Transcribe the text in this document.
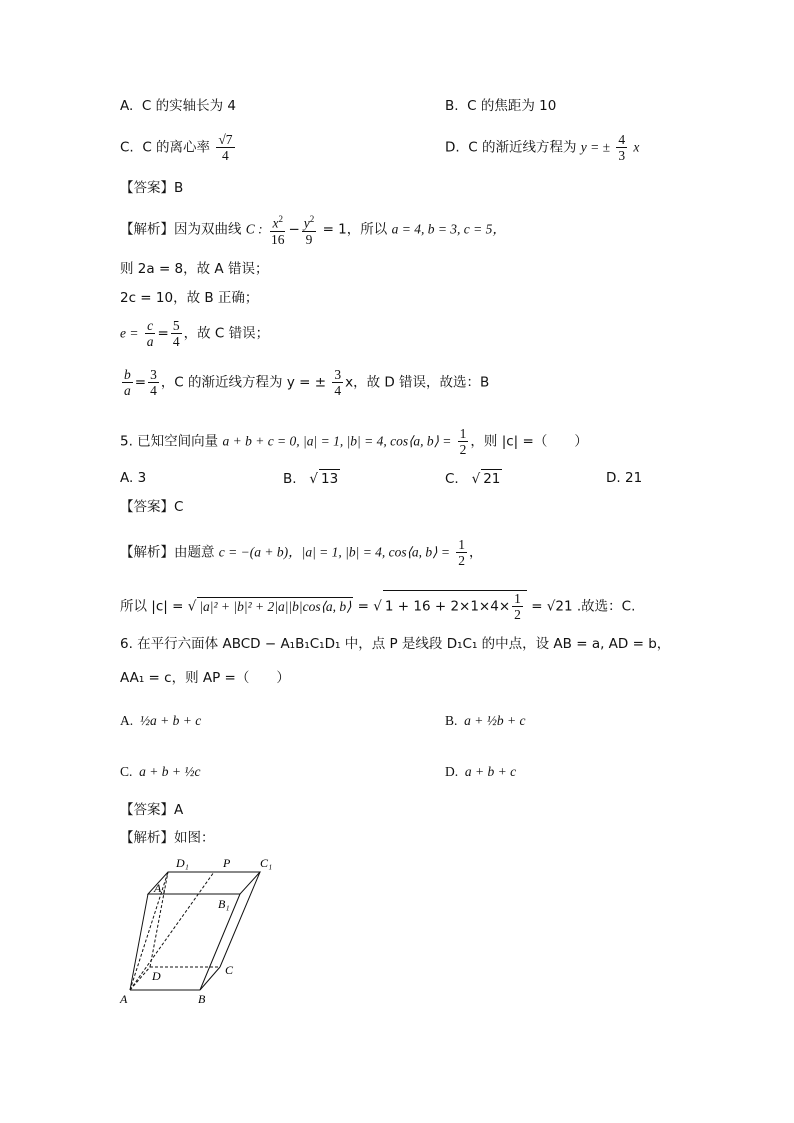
A. C 的实轴长为 4	B. C 的焦距为 10
C. C 的离心率 $\frac{√7}{4}$	D. C 的渐近线方程为 y = ± $\frac{4}{3}$ x
【答案】B
【解析】因为双曲线 C : $\frac{x^2}{16} - \frac{y^2}{9} = 1$，所以 a = 4, b = 3, c = 5，
则 2a = 8，故 A 错误；
2c = 10，故 B 正确；
$e = \frac{c}{a} = \frac{5}{4}$ ，故 C 错误；
$\frac{b}{a} = \frac{3}{4}$ ，C 的渐近线方程为 y = ± $\frac{3}{4}$ x，故 D 错误，故选：B
5. 已知空间向量 a + b + c = 0, |a| = 1, |b| = 4, cos⟨a, b⟩ = $\frac{1}{2}$ ，则 |c| =（　　）
A. 3	B.   √ 13	C.   √ 21	D. 21
【答案】C
【解析】由题意 c = −(a + b)，|a| = 1, |b| = 4, cos⟨a, b⟩ = $\frac{1}{2}$ ，
所以 |c| = √ |a|² + |b|² + 2|a||b|cos⟨a, b⟩ = √ $1 + 16 + 2\times 1\times 4\times \frac{1}{2} = √21$ .故选：C.
6. 在平行六面体 ABCD − A₁B₁C₁D₁ 中，点 P 是线段 D₁C₁ 的中点，设 AB = a, AD = b，
AA₁ = c，则 AP =（　　）
A. ½a + b + c	B. a + ½b + c
C. a + b + ½c	D. a + b + c
【答案】A
【解析】如图：
D₁	P C₁
A₁
B₁
D	C
A	B
